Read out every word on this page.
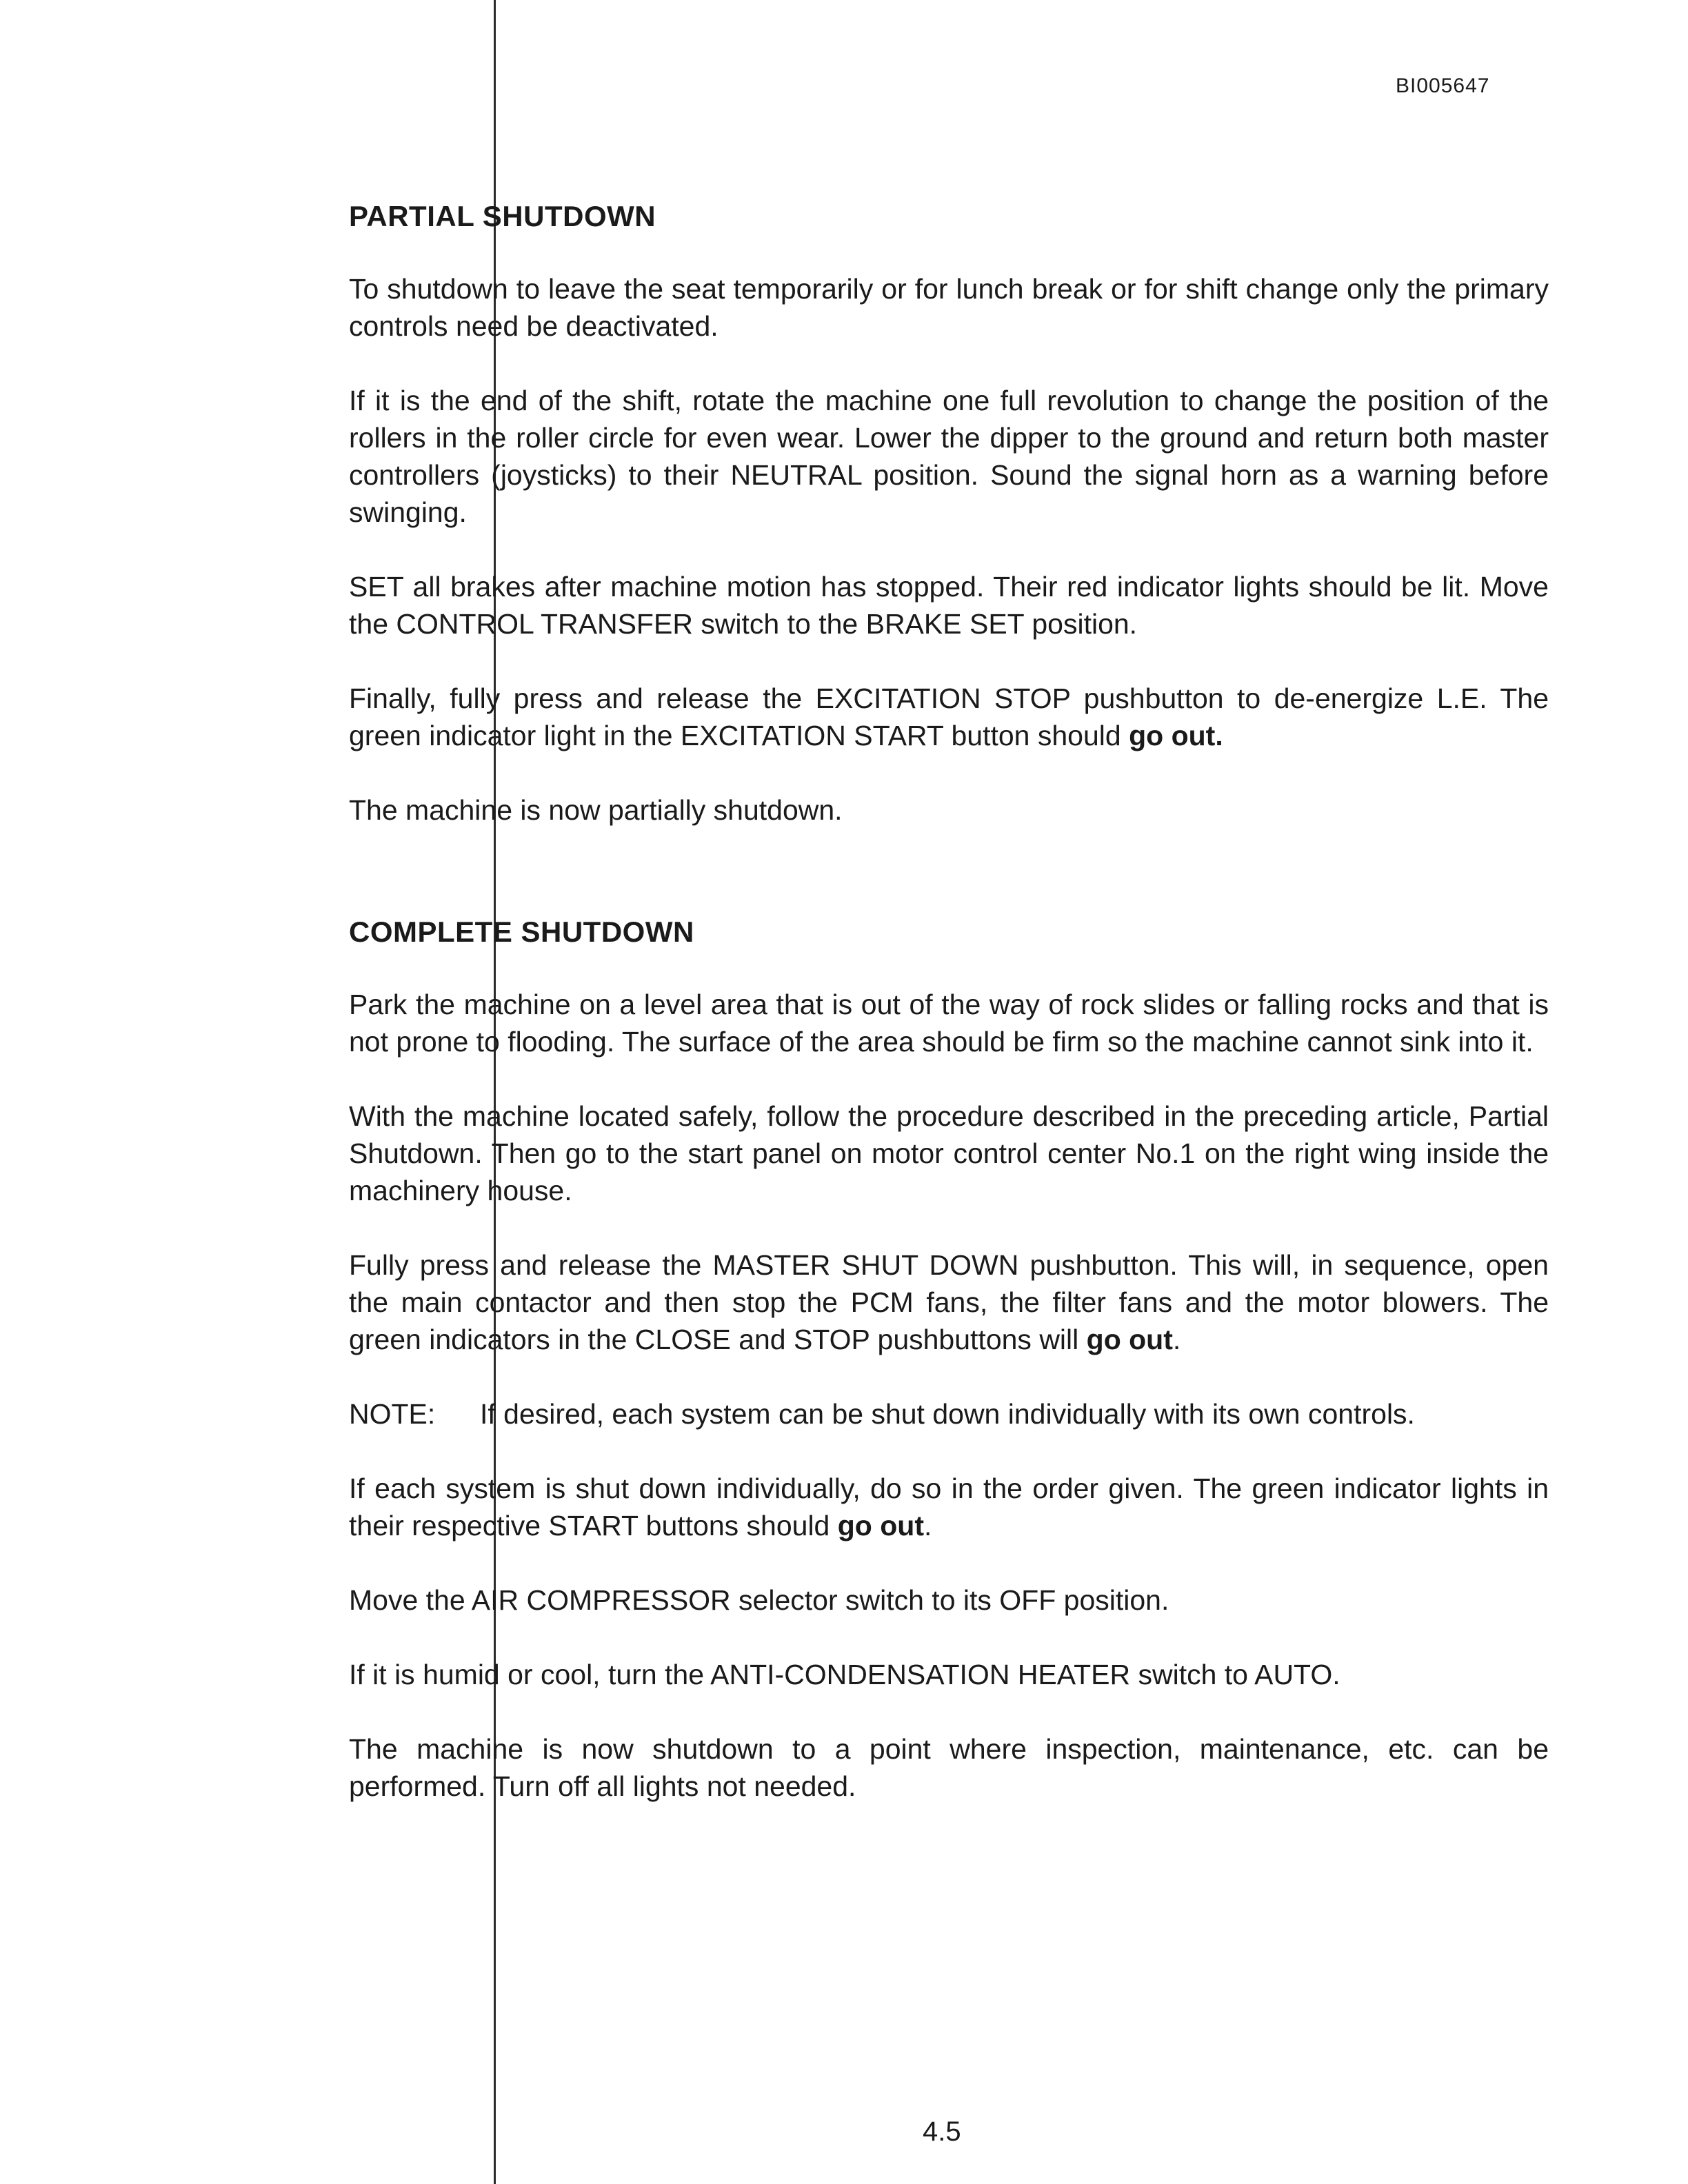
BI005647
PARTIAL SHUTDOWN

To shutdown to leave the seat temporarily or for lunch break or for shift change only the primary controls need be deactivated.

If it is the end of the shift, rotate the machine one full revolution to change the position of the rollers in the roller circle for even wear. Lower the dipper to the ground and return both master controllers (joysticks) to their NEUTRAL position. Sound the signal horn as a warning before swinging.

SET all brakes after machine motion has stopped. Their red indicator lights should be lit. Move the CONTROL TRANSFER switch to the BRAKE SET position.

Finally, fully press and release the EXCITATION STOP pushbutton to de-energize L.E. The green indicator light in the EXCITATION START button should go out.

The machine is now partially shutdown.

COMPLETE SHUTDOWN

Park the machine on a level area that is out of the way of rock slides or falling rocks and that is not prone to flooding. The surface of the area should be firm so the machine cannot sink into it.

With the machine located safely, follow the procedure described in the preceding article, Partial Shutdown. Then go to the start panel on motor control center No.1 on the right wing inside the machinery house.

Fully press and release the MASTER SHUT DOWN pushbutton. This will, in sequence, open the main contactor and then stop the PCM fans, the filter fans and the motor blowers. The green indicators in the CLOSE and STOP pushbuttons will go out.

NOTE:	If desired, each system can be shut down individually with its own controls.

If each system is shut down individually, do so in the order given. The green indicator lights in their respective START buttons should go out.

Move the AIR COMPRESSOR selector switch to its OFF position.

If it is humid or cool, turn the ANTI-CONDENSATION HEATER switch to AUTO.

The machine is now shutdown to a point where inspection, maintenance, etc. can be performed. Turn off all lights not needed.

4.5
